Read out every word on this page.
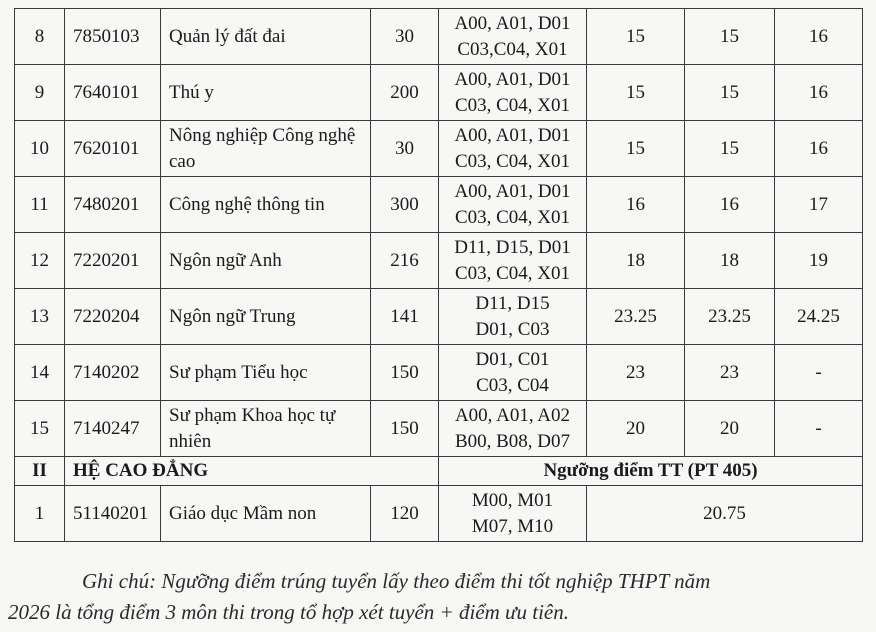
8	7850103	Quản lý đất đai	30	A00, A01, D01
C03,C04, X01	15	15	16
9	7640101	Thú y	200	A00, A01, D01
C03, C04, X01	15	15	16
10	7620101	Nông nghiệp Công nghệ cao	30	A00, A01, D01
C03, C04, X01	15	15	16
11	7480201	Công nghệ thông tin	300	A00, A01, D01
C03, C04, X01	16	16	17
12	7220201	Ngôn ngữ Anh	216	D11, D15, D01
C03, C04, X01	18	18	19
13	7220204	Ngôn ngữ Trung	141	D11, D15
D01, C03	23.25	23.25	24.25
14	7140202	Sư phạm Tiểu học	150	D01, C01
C03, C04	23	23	-
15	7140247	Sư phạm Khoa học tự nhiên	150	A00, A01, A02
B00, B08, D07	20	20	-
II	HỆ CAO ĐẲNG			Ngưỡng điểm TT (PT 405)			
1	51140201	Giáo dục Mầm non	120	M00, M01
M07, M10	20.75		
Ghi chú: Ngưỡng điểm trúng tuyển lấy theo điểm thi tốt nghiệp THPT năm
2026 là tổng điểm 3 môn thi trong tổ hợp xét tuyển + điểm ưu tiên.
